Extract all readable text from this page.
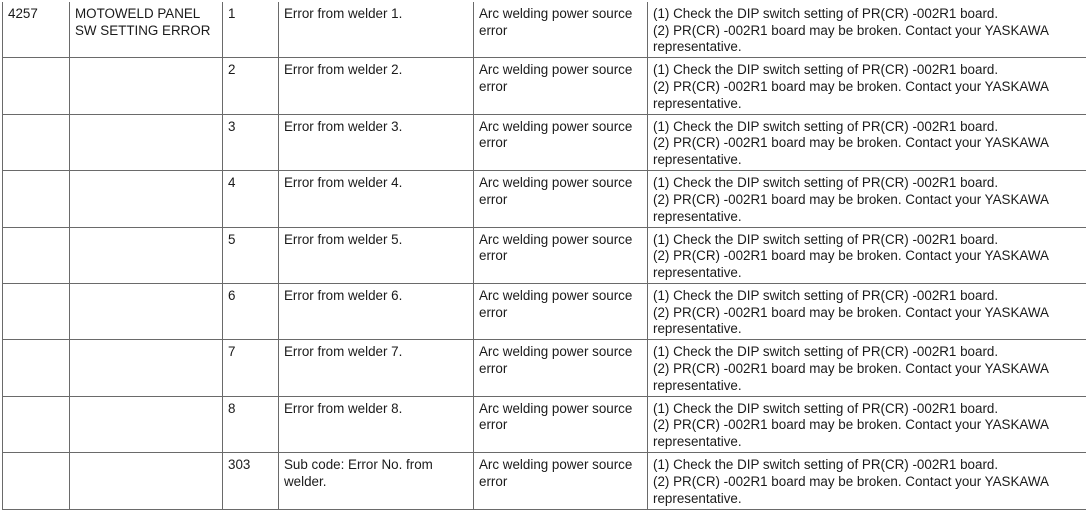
4257	MOTOWELD PANEL SW SETTING ERROR	1	Error from welder 1.	Arc welding power source error	(1) Check the DIP switch setting of PR(CR) -002R1 board.
(2) PR(CR) -002R1 board may be broken. Contact your YASKAWA representative.

		2	Error from welder 2.	Arc welding power source error	(1) Check the DIP switch setting of PR(CR) -002R1 board.
(2) PR(CR) -002R1 board may be broken. Contact your YASKAWA representative.

		3	Error from welder 3.	Arc welding power source error	(1) Check the DIP switch setting of PR(CR) -002R1 board.
(2) PR(CR) -002R1 board may be broken. Contact your YASKAWA representative.

		4	Error from welder 4.	Arc welding power source error	(1) Check the DIP switch setting of PR(CR) -002R1 board.
(2) PR(CR) -002R1 board may be broken. Contact your YASKAWA representative.

		5	Error from welder 5.	Arc welding power source error	(1) Check the DIP switch setting of PR(CR) -002R1 board.
(2) PR(CR) -002R1 board may be broken. Contact your YASKAWA representative.

		6	Error from welder 6.	Arc welding power source error	(1) Check the DIP switch setting of PR(CR) -002R1 board.
(2) PR(CR) -002R1 board may be broken. Contact your YASKAWA representative.

		7	Error from welder 7.	Arc welding power source error	(1) Check the DIP switch setting of PR(CR) -002R1 board.
(2) PR(CR) -002R1 board may be broken. Contact your YASKAWA representative.

		8	Error from welder 8.	Arc welding power source error	(1) Check the DIP switch setting of PR(CR) -002R1 board.
(2) PR(CR) -002R1 board may be broken. Contact your YASKAWA representative.

		303	Sub code: Error No. from welder.	Arc welding power source error	(1) Check the DIP switch setting of PR(CR) -002R1 board.
(2) PR(CR) -002R1 board may be broken. Contact your YASKAWA representative.
